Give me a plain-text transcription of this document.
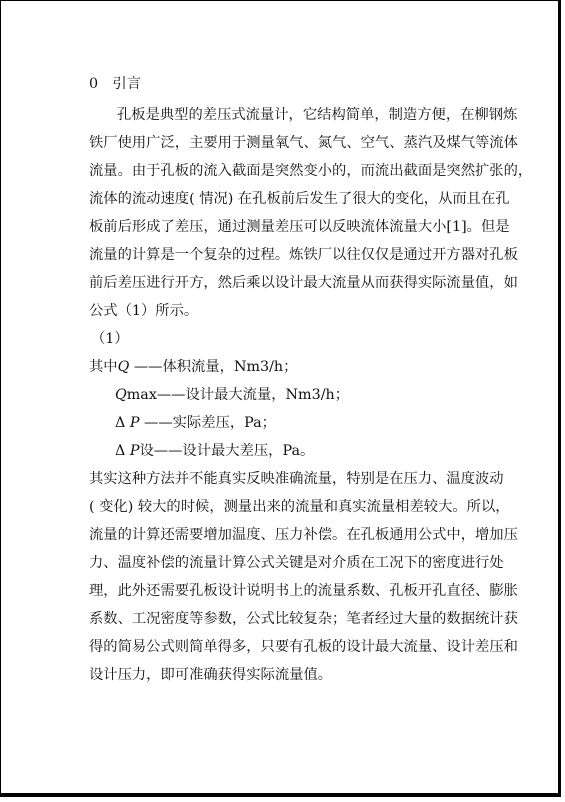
0　引言
孔板是典型的差压式流量计，它结构简单，制造方便，在柳钢炼
铁厂使用广泛，主要用于测量氧气、氮气、空气、蒸汽及煤气等流体
流量。由于孔板的流入截面是突然变小的，而流出截面是突然扩张的，
流体的流动速度( 情况) 在孔板前后发生了很大的变化，从而且在孔
板前后形成了差压，通过测量差压可以反映流体流量大小[1]。但是
流量的计算是一个复杂的过程。炼铁厂以往仅仅是通过开方器对孔板
前后差压进行开方，然后乘以设计最大流量从而获得实际流量值，如
公式（1）所示。
（1）
其中Q ——体积流量，Nm3/h；
Qmax——设计最大流量，Nm3/h；
Δ P ——实际差压，Pa；
Δ P设——设计最大差压，Pa。
其实这种方法并不能真实反映准确流量，特别是在压力、温度波动
( 变化) 较大的时候，测量出来的流量和真实流量相差较大。所以，
流量的计算还需要增加温度、压力补偿。在孔板通用公式中，增加压
力、温度补偿的流量计算公式关键是对介质在工况下的密度进行处
理，此外还需要孔板设计说明书上的流量系数、孔板开孔直径、膨胀
系数、工况密度等参数，公式比较复杂；笔者经过大量的数据统计获
得的简易公式则简单得多，只要有孔板的设计最大流量、设计差压和
设计压力，即可准确获得实际流量值。
